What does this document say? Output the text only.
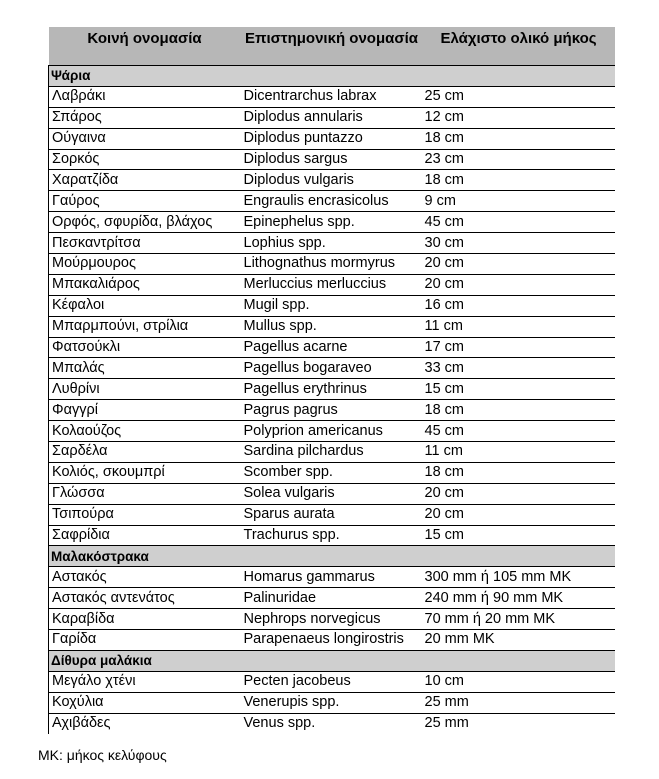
Κοινή ονομασία	Επιστημονική ονομασία	Ελάχιστο ολικό μήκος
Ψάρια		
Λαβράκι	Dicentrarchus labrax	25 cm
Σπάρος	Diplodus annularis	12 cm
Ούγαινα	Diplodus puntazzo	18 cm
Σορκός	Diplodus sargus	23 cm
Χαρατζίδα	Diplodus vulgaris	18 cm
Γαύρος	Engraulis encrasicolus	9 cm
Ορφός, σφυρίδα, βλάχος	Epinephelus spp.	45 cm
Πεσκαντρίτσα	Lophius spp.	30 cm
Μούρμουρος	Lithognathus mormyrus	20 cm
Μπακαλιάρος	Merluccius merluccius	20 cm
Κέφαλοι	Mugil spp.	16 cm
Μπαρμπούνι, στρίλια	Mullus spp.	11 cm
Φατσούκλι	Pagellus acarne	17 cm
Μπαλάς	Pagellus bogaraveo	33 cm
Λυθρίνι	Pagellus erythrinus	15 cm
Φαγγρί	Pagrus pagrus	18 cm
Κολαούζος	Polyprion americanus	45 cm
Σαρδέλα	Sardina pilchardus	11 cm
Κολιός, σκουμπρί	Scomber spp.	18 cm
Γλώσσα	Solea vulgaris	20 cm
Τσιπούρα	Sparus aurata	20 cm
Σαφρίδια	Trachurus spp.	15 cm
Μαλακόστρακα		
Αστακός	Homarus gammarus	300 mm ή 105 mm MK
Αστακός αντενάτος	Palinuridae	240 mm ή 90 mm MK
Καραβίδα	Nephrops norvegicus	70 mm ή 20 mm MK
Γαρίδα	Parapenaeus longirostris	20 mm MK
Δίθυρα μαλάκια		
Μεγάλο χτένι	Pecten jacobeus	10 cm
Κοχύλια	Venerupis spp.	25 mm
Αχιβάδες	Venus spp.	25 mm
ΜΚ: μήκος κελύφους
